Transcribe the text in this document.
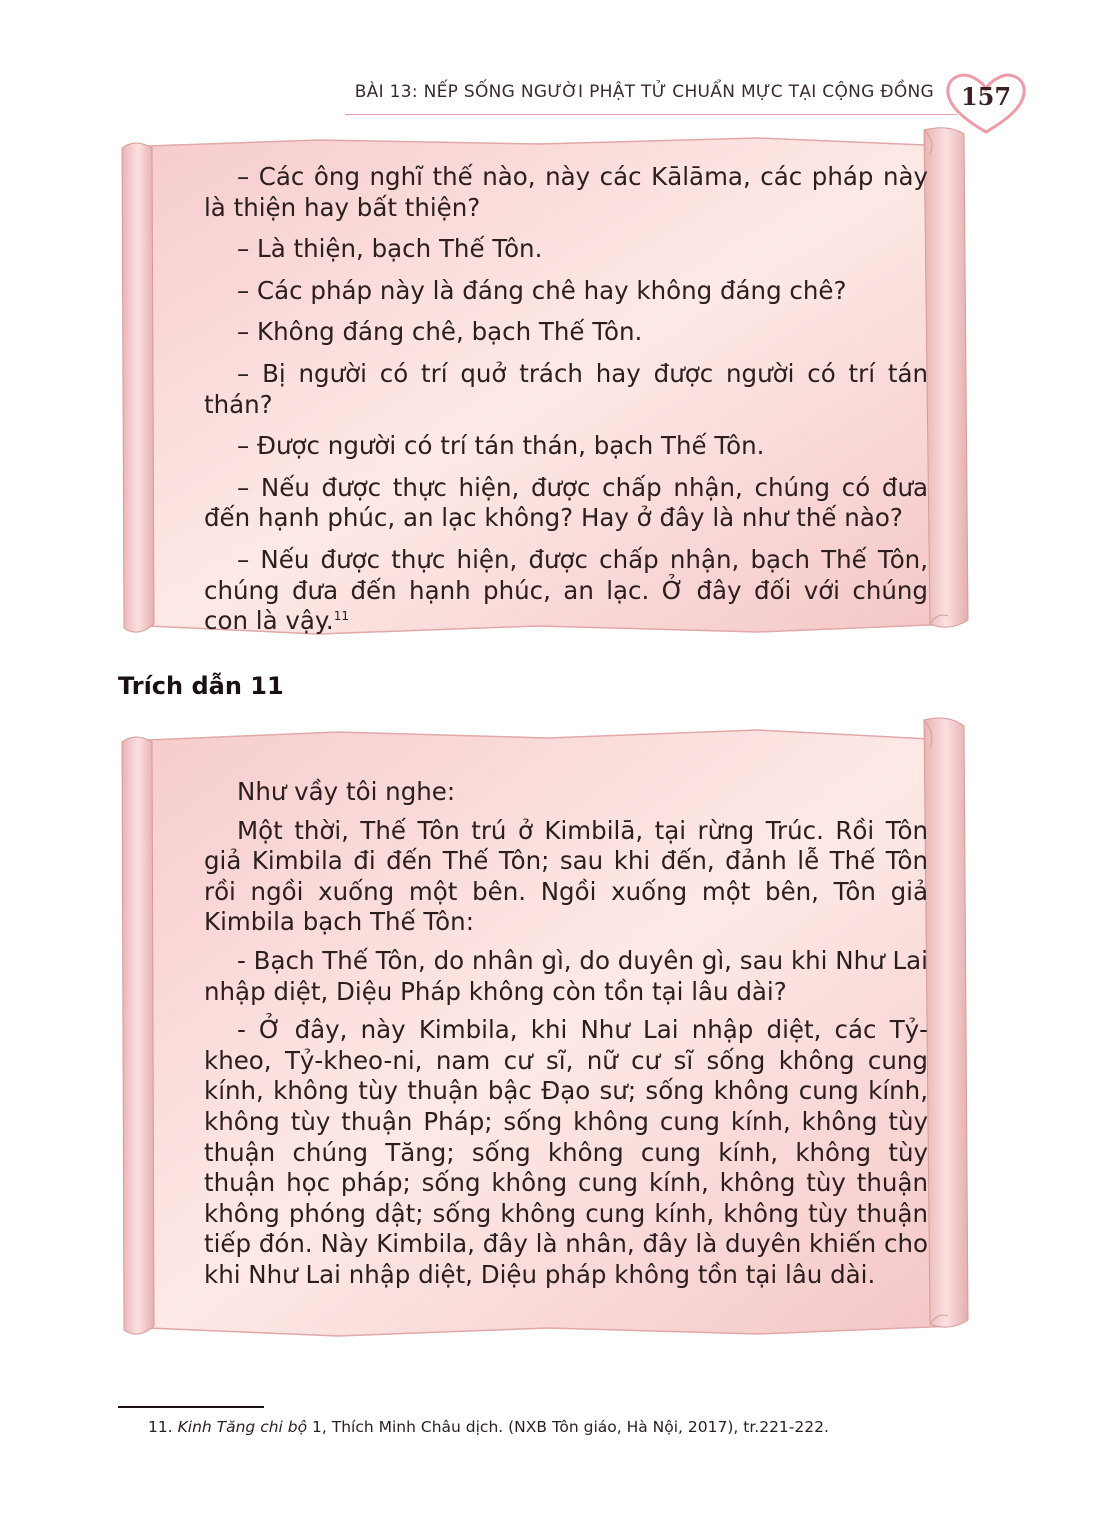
BÀI 13: NẾP SỐNG NGƯỜI PHẬT TỬ CHUẨN MỰC TẠI CỘNG ĐỒNG	157

– Các ông nghĩ thế nào, này các Kālāma, các pháp này là thiện hay bất thiện?

– Là thiện, bạch Thế Tôn.

– Các pháp này là đáng chê hay không đáng chê?

– Không đáng chê, bạch Thế Tôn.

– Bị người có trí quở trách hay được người có trí tán thán?

– Được người có trí tán thán, bạch Thế Tôn.

– Nếu được thực hiện, được chấp nhận, chúng có đưa đến hạnh phúc, an lạc không? Hay ở đây là như thế nào?

– Nếu được thực hiện, được chấp nhận, bạch Thế Tôn, chúng đưa đến hạnh phúc, an lạc. Ở đây đối với chúng con là vậy.$^{11}$

Trích dẫn 11

Như vầy tôi nghe:

Một thời, Thế Tôn trú ở Kimbilā, tại rừng Trúc. Rồi Tôn giả Kimbila đi đến Thế Tôn; sau khi đến, đảnh lễ Thế Tôn rồi ngồi xuống một bên. Ngồi xuống một bên, Tôn giả Kimbila bạch Thế Tôn:

- Bạch Thế Tôn, do nhân gì, do duyên gì, sau khi Như Lai nhập diệt, Diệu Pháp không còn tồn tại lâu dài?

- Ở đây, này Kimbila, khi Như Lai nhập diệt, các Tỷ-kheo, Tỷ-kheo-ni, nam cư sĩ, nữ cư sĩ sống không cung kính, không tùy thuận bậc Đạo sư; sống không cung kính, không tùy thuận Pháp; sống không cung kính, không tùy thuận chúng Tăng; sống không cung kính, không tùy thuận học pháp; sống không cung kính, không tùy thuận không phóng dật; sống không cung kính, không tùy thuận tiếp đón. Này Kimbila, đây là nhân, đây là duyên khiến cho khi Như Lai nhập diệt, Diệu pháp không tồn tại lâu dài.

11. Kinh Tăng chi bộ 1, Thích Minh Châu dịch. (NXB Tôn giáo, Hà Nội, 2017), tr.221-222.
